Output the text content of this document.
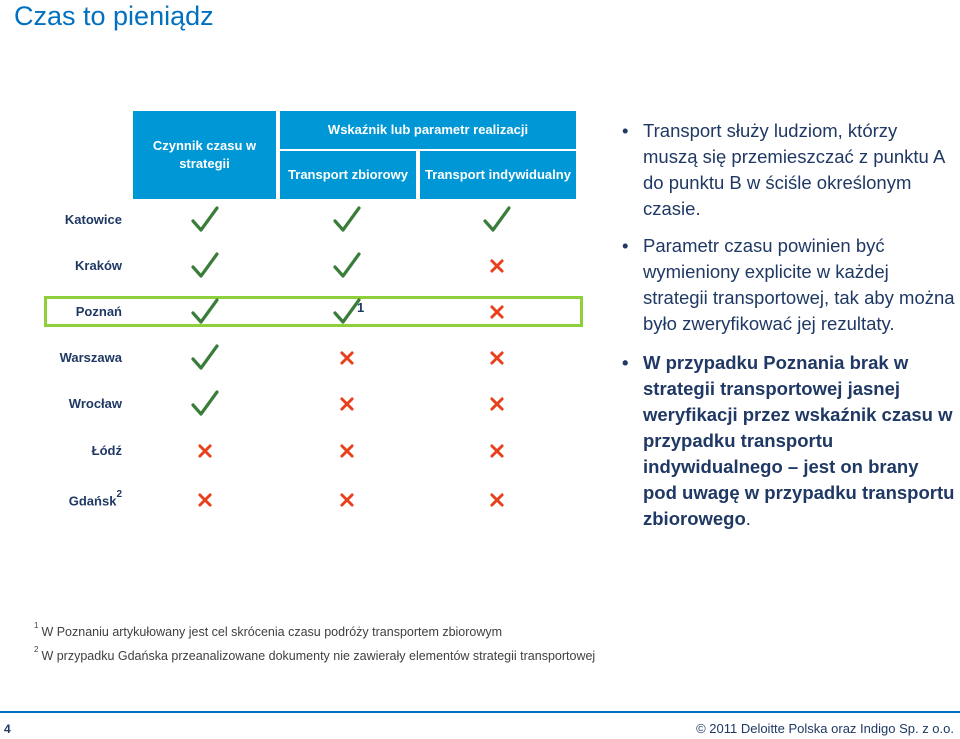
Czas to pieniądz
Czynnik czasu w strategii
Wskaźnik lub parametr realizacji
Transport zbiorowy	Transport indywidualny
Katowice
Kraków
Poznań
Warszawa
Wrocław
Łódź
Gdańsk$^2$
1
$^1$ W Poznaniu artykułowany jest cel skrócenia czasu podróży transportem zbiorowym
$^2$ W przypadku Gdańska przeanalizowane dokumenty nie zawierały elementów strategii transportowej
• Transport służy ludziom, którzy muszą się przemieszczać z punktu A do punktu B w ściśle określonym czasie.
• Parametr czasu powinien być wymieniony explicite w każdej strategii transportowej, tak aby można było zweryfikować jej rezultaty.
• W przypadku Poznania brak w strategii transportowej jasnej weryfikacji przez wskaźnik czasu w przypadku transportu indywidualnego – jest on brany pod uwagę w przypadku transportu zbiorowego.
4	© 2011 Deloitte Polska oraz Indigo Sp. z o.o.
